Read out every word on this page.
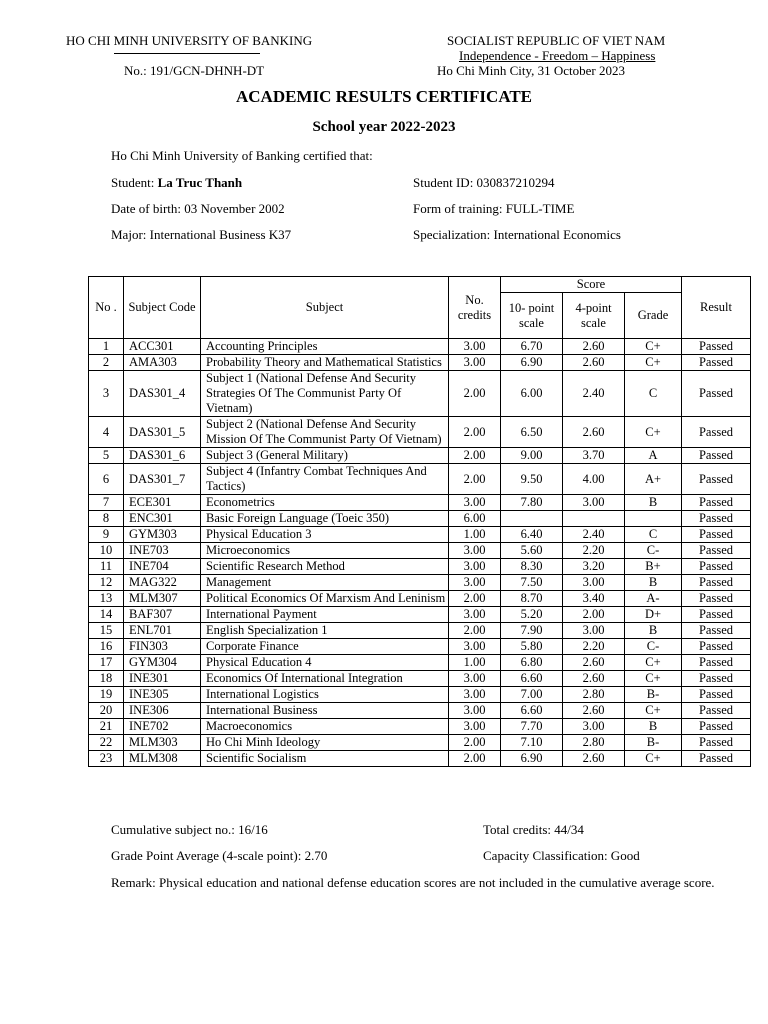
HO CHI MINH UNIVERSITY OF BANKING
No.: 191/GCN-DHNH-DT
SOCIALIST REPUBLIC OF VIET NAM
Independence - Freedom – Happiness
Ho Chi Minh City, 31 October 2023
ACADEMIC RESULTS CERTIFICATE
School year 2022-2023
Ho Chi Minh University of Banking certified that:
Student: La Truc Thanh	Student ID: 030837210294
Date of birth: 03 November 2002	Form of training: FULL-TIME
Major: International Business K37	Specialization: International Economics
No .	Subject Code	Subject	No. credits	Score			Result
				10- point scale	4-point scale	Grade	
1	ACC301	Accounting Principles	3.00	6.70	2.60	C+	Passed
2	AMA303	Probability Theory and Mathematical Statistics	3.00	6.90	2.60	C+	Passed
3	DAS301_4	Subject 1 (National Defense And Security Strategies Of The Communist Party Of Vietnam)	2.00	6.00	2.40	C	Passed
4	DAS301_5	Subject 2 (National Defense And Security Mission Of The Communist Party Of Vietnam)	2.00	6.50	2.60	C+	Passed
5	DAS301_6	Subject 3 (General Military)	2.00	9.00	3.70	A	Passed
6	DAS301_7	Subject 4 (Infantry Combat Techniques And Tactics)	2.00	9.50	4.00	A+	Passed
7	ECE301	Econometrics	3.00	7.80	3.00	B	Passed
8	ENC301	Basic Foreign Language (Toeic 350)	6.00				Passed
9	GYM303	Physical Education 3	1.00	6.40	2.40	C	Passed
10	INE703	Microeconomics	3.00	5.60	2.20	C-	Passed
11	INE704	Scientific Research Method	3.00	8.30	3.20	B+	Passed
12	MAG322	Management	3.00	7.50	3.00	B	Passed
13	MLM307	Political Economics Of Marxism And Leninism	2.00	8.70	3.40	A-	Passed
14	BAF307	International Payment	3.00	5.20	2.00	D+	Passed
15	ENL701	English Specialization 1	2.00	7.90	3.00	B	Passed
16	FIN303	Corporate Finance	3.00	5.80	2.20	C-	Passed
17	GYM304	Physical Education 4	1.00	6.80	2.60	C+	Passed
18	INE301	Economics Of International Integration	3.00	6.60	2.60	C+	Passed
19	INE305	International Logistics	3.00	7.00	2.80	B-	Passed
20	INE306	International Business	3.00	6.60	2.60	C+	Passed
21	INE702	Macroeconomics	3.00	7.70	3.00	B	Passed
22	MLM303	Ho Chi Minh Ideology	2.00	7.10	2.80	B-	Passed
23	MLM308	Scientific Socialism	2.00	6.90	2.60	C+	Passed
Cumulative subject no.: 16/16	Total credits: 44/34
Grade Point Average (4-scale point): 2.70	Capacity Classification: Good
Remark: Physical education and national defense education scores are not included in the cumulative average score.
